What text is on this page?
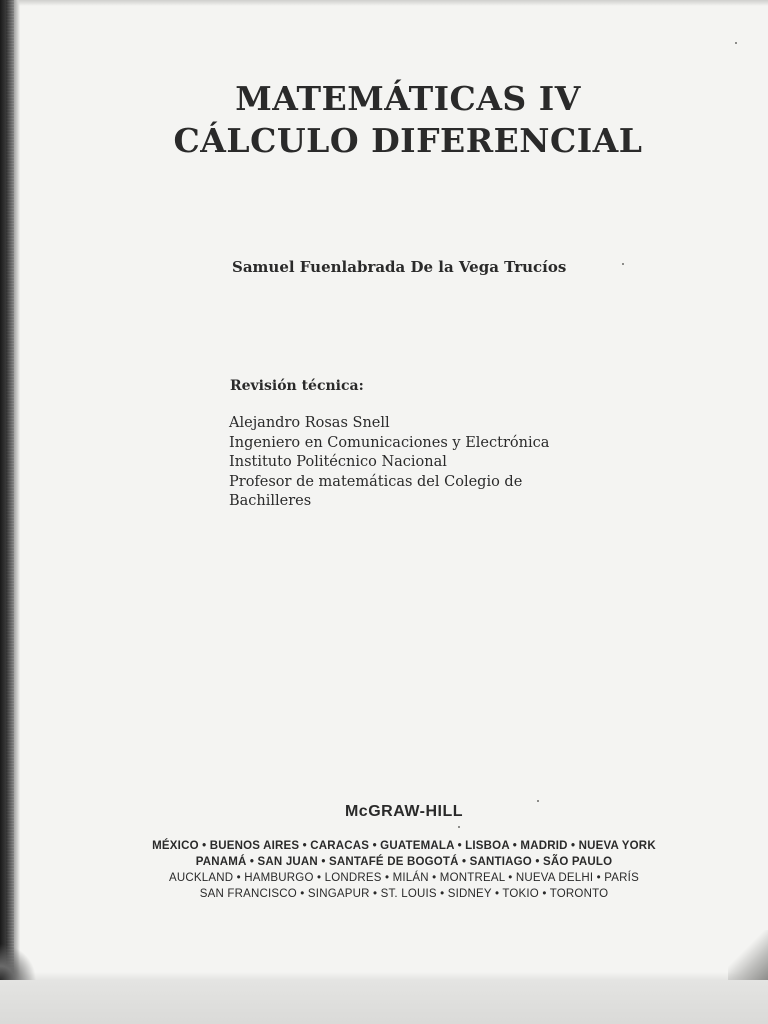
MATEMÁTICAS IV
CÁLCULO DIFERENCIAL
Samuel Fuenlabrada De la Vega Trucíos
Revisión técnica:
Alejandro Rosas Snell
Ingeniero en Comunicaciones y Electrónica
Instituto Politécnico Nacional
Profesor de matemáticas del Colegio de
Bachilleres
McGRAW-HILL
MÉXICO • BUENOS AIRES • CARACAS • GUATEMALA • LISBOA • MADRID • NUEVA YORK
PANAMÁ • SAN JUAN • SANTAFÉ DE BOGOTÁ • SANTIAGO • SÃO PAULO
AUCKLAND • HAMBURGO • LONDRES • MILÁN • MONTREAL • NUEVA DELHI • PARÍS
SAN FRANCISCO • SINGAPUR • ST. LOUIS • SIDNEY • TOKIO • TORONTO
